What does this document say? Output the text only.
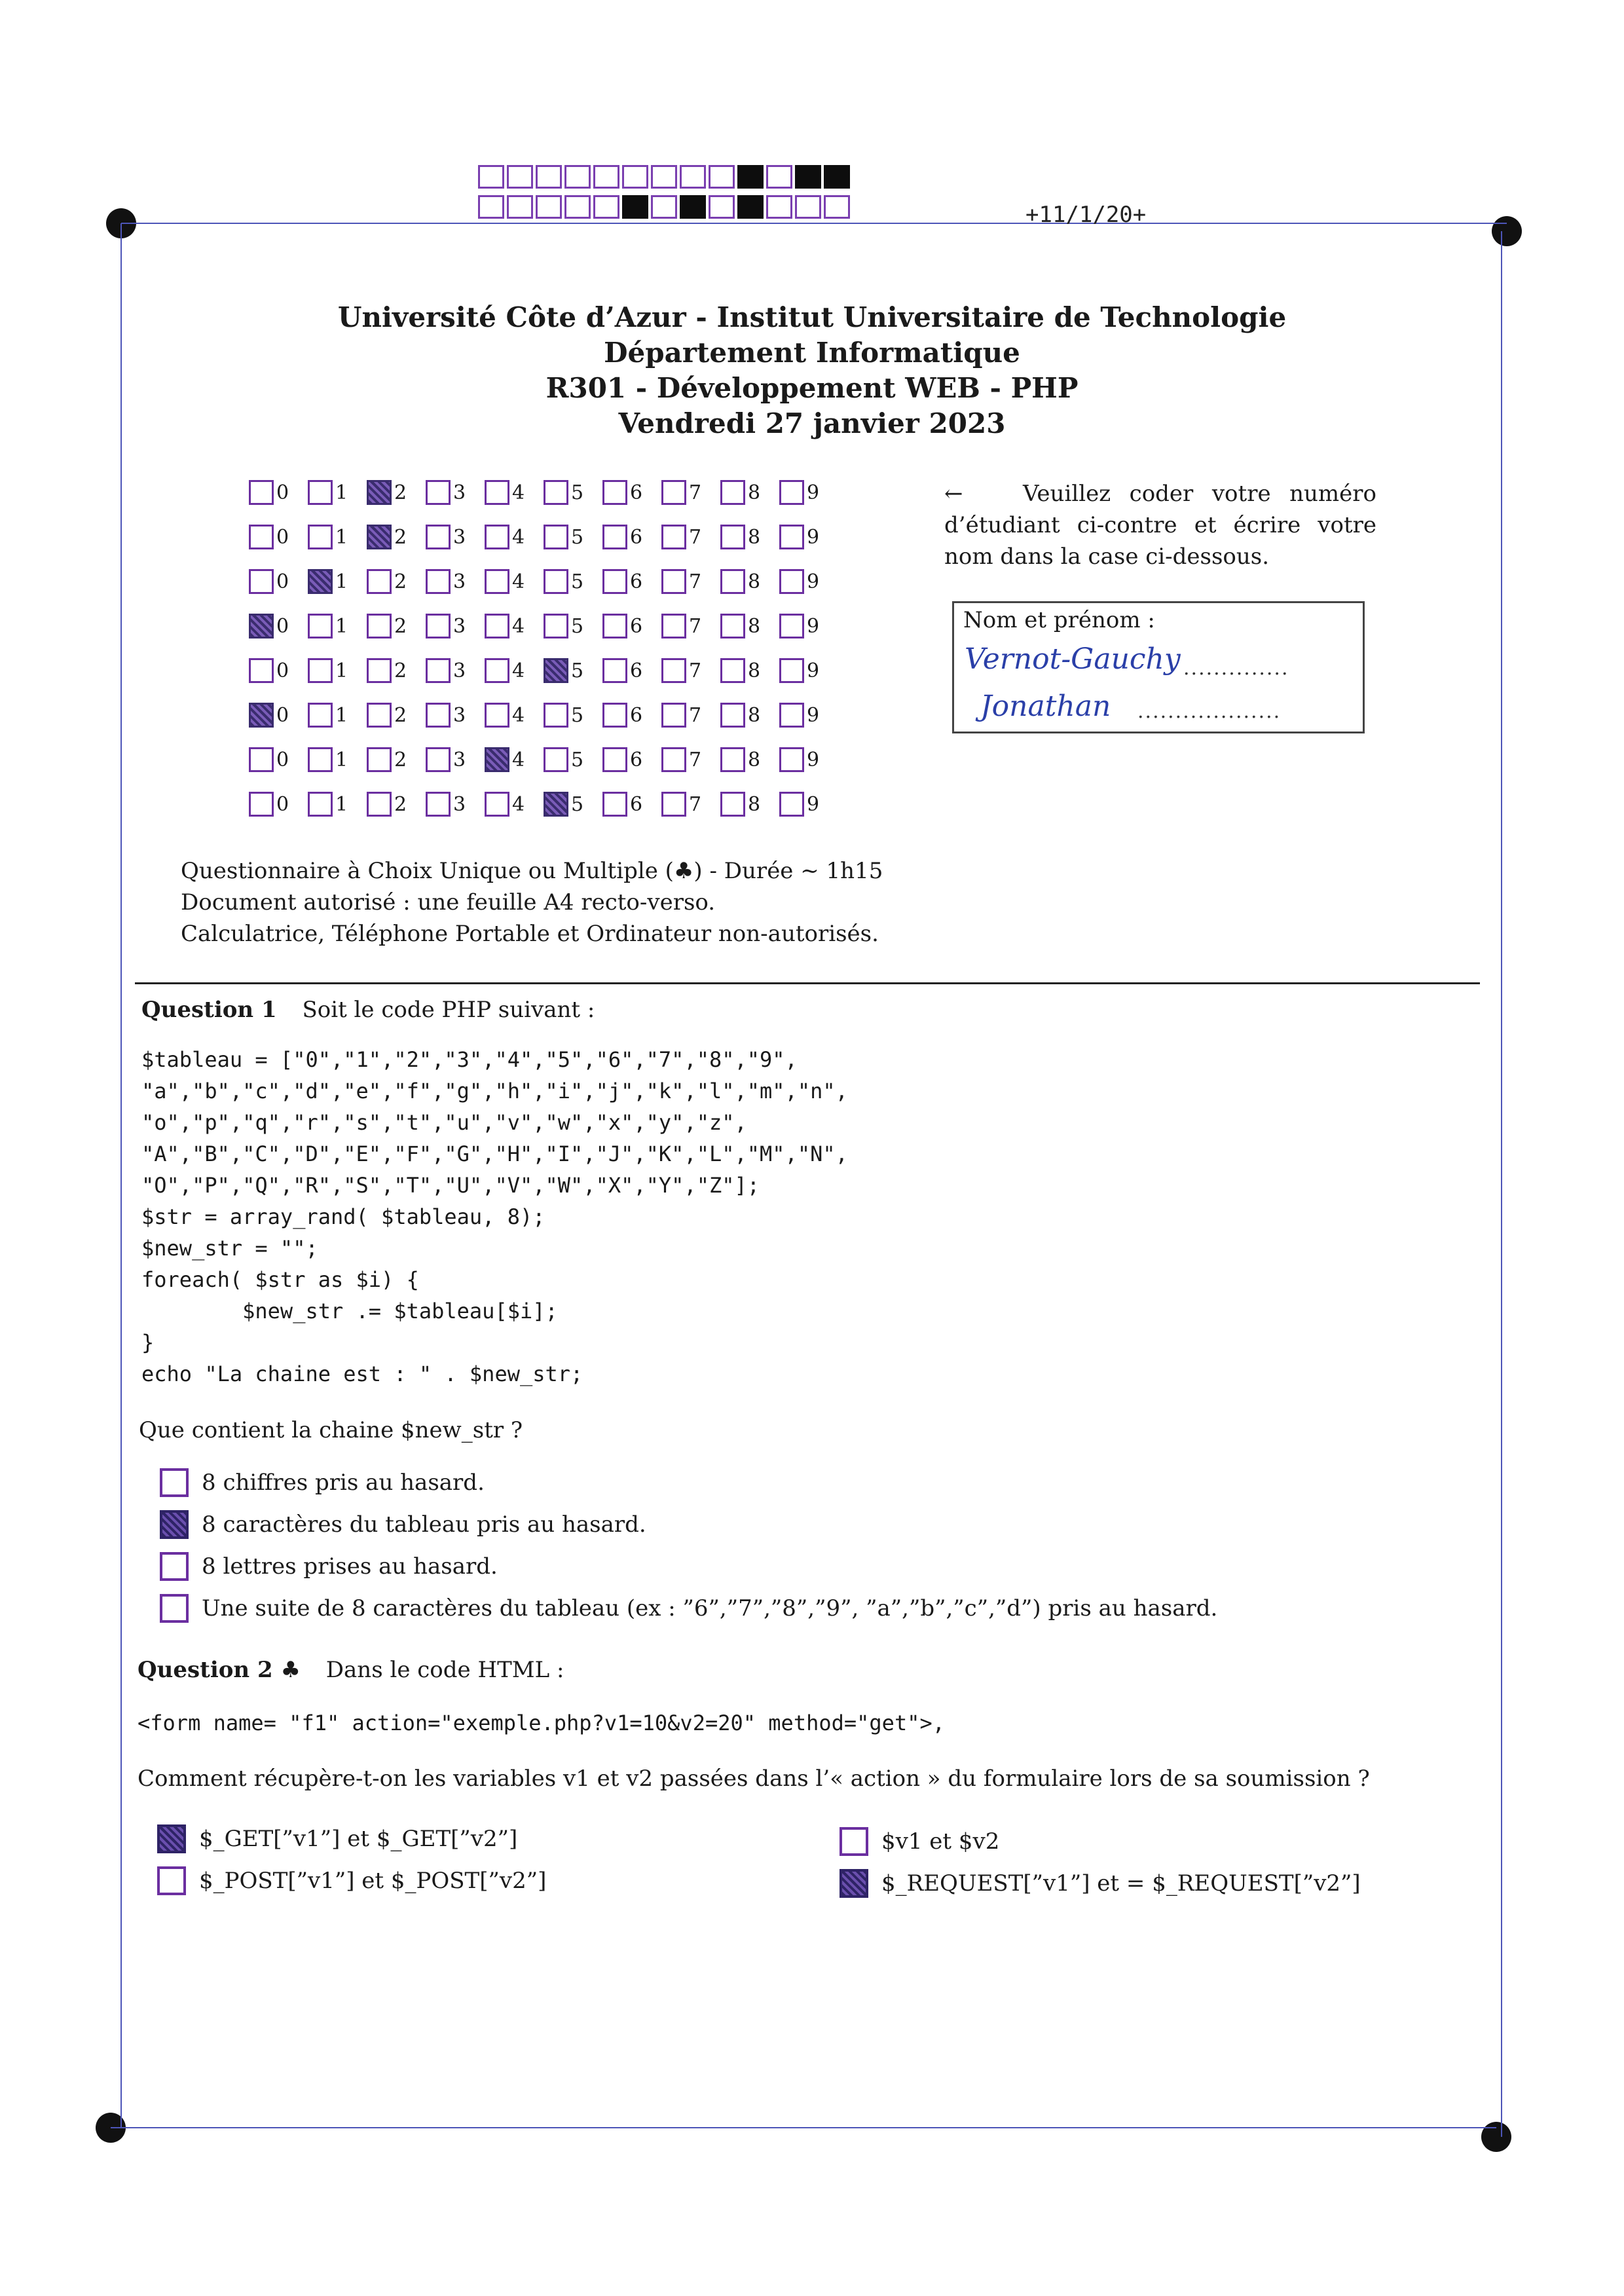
+11/1/20+
Université Côte d’Azur - Institut Universitaire de Technologie
Département Informatique
R301 - Développement WEB - PHP
Vendredi 27 janvier 2023
0 1 2 3 4 5 6 7 8 9
0 1 2 3 4 5 6 7 8 9
0 1 2 3 4 5 6 7 8 9
0 1 2 3 4 5 6 7 8 9
0 1 2 3 4 5 6 7 8 9
0 1 2 3 4 5 6 7 8 9
0 1 2 3 4 5 6 7 8 9
0 1 2 3 4 5 6 7 8 9
←	Veuillez coder votre numéro d’étudiant ci-contre et écrire votre nom dans la case ci-dessous.
Nom et prénom :
Vernot-Gauchy ..............
Jonathan ...................
Questionnaire à Choix Unique ou Multiple (♣) - Durée ∼ 1h15
Document autorisé : une feuille A4 recto-verso.
Calculatrice, Téléphone Portable et Ordinateur non-autorisés.
Question 1 Soit le code PHP suivant :
$tableau = ["0","1","2","3","4","5","6","7","8","9",
"a","b","c","d","e","f","g","h","i","j","k","l","m","n",
"o","p","q","r","s","t","u","v","w","x","y","z",
"A","B","C","D","E","F","G","H","I","J","K","L","M","N",
"O","P","Q","R","S","T","U","V","W","X","Y","Z"];
$str = array_rand( $tableau, 8);
$new_str = "";
foreach( $str as $i) {
$new_str .= $tableau[$i];
}
echo "La chaine est : " . $new_str;
Que contient la chaine $new_str ?
8 chiffres pris au hasard.
8 caractères du tableau pris au hasard.
8 lettres prises au hasard.
Une suite de 8 caractères du tableau (ex : ”6”,”7”,”8”,”9”, ”a”,”b”,”c”,”d”) pris au hasard.
Question 2 ♣ Dans le code HTML :
<form name= "f1" action="exemple.php?v1=10&v2=20" method="get">,
Comment récupère-t-on les variables v1 et v2 passées dans l’« action » du formulaire lors de sa soumission ?
$_GET[”v1”] et $_GET[”v2”]
$_POST[”v1”] et $_POST[”v2”]
$v1 et $v2
$_REQUEST[”v1”] et = $_REQUEST[”v2”]
